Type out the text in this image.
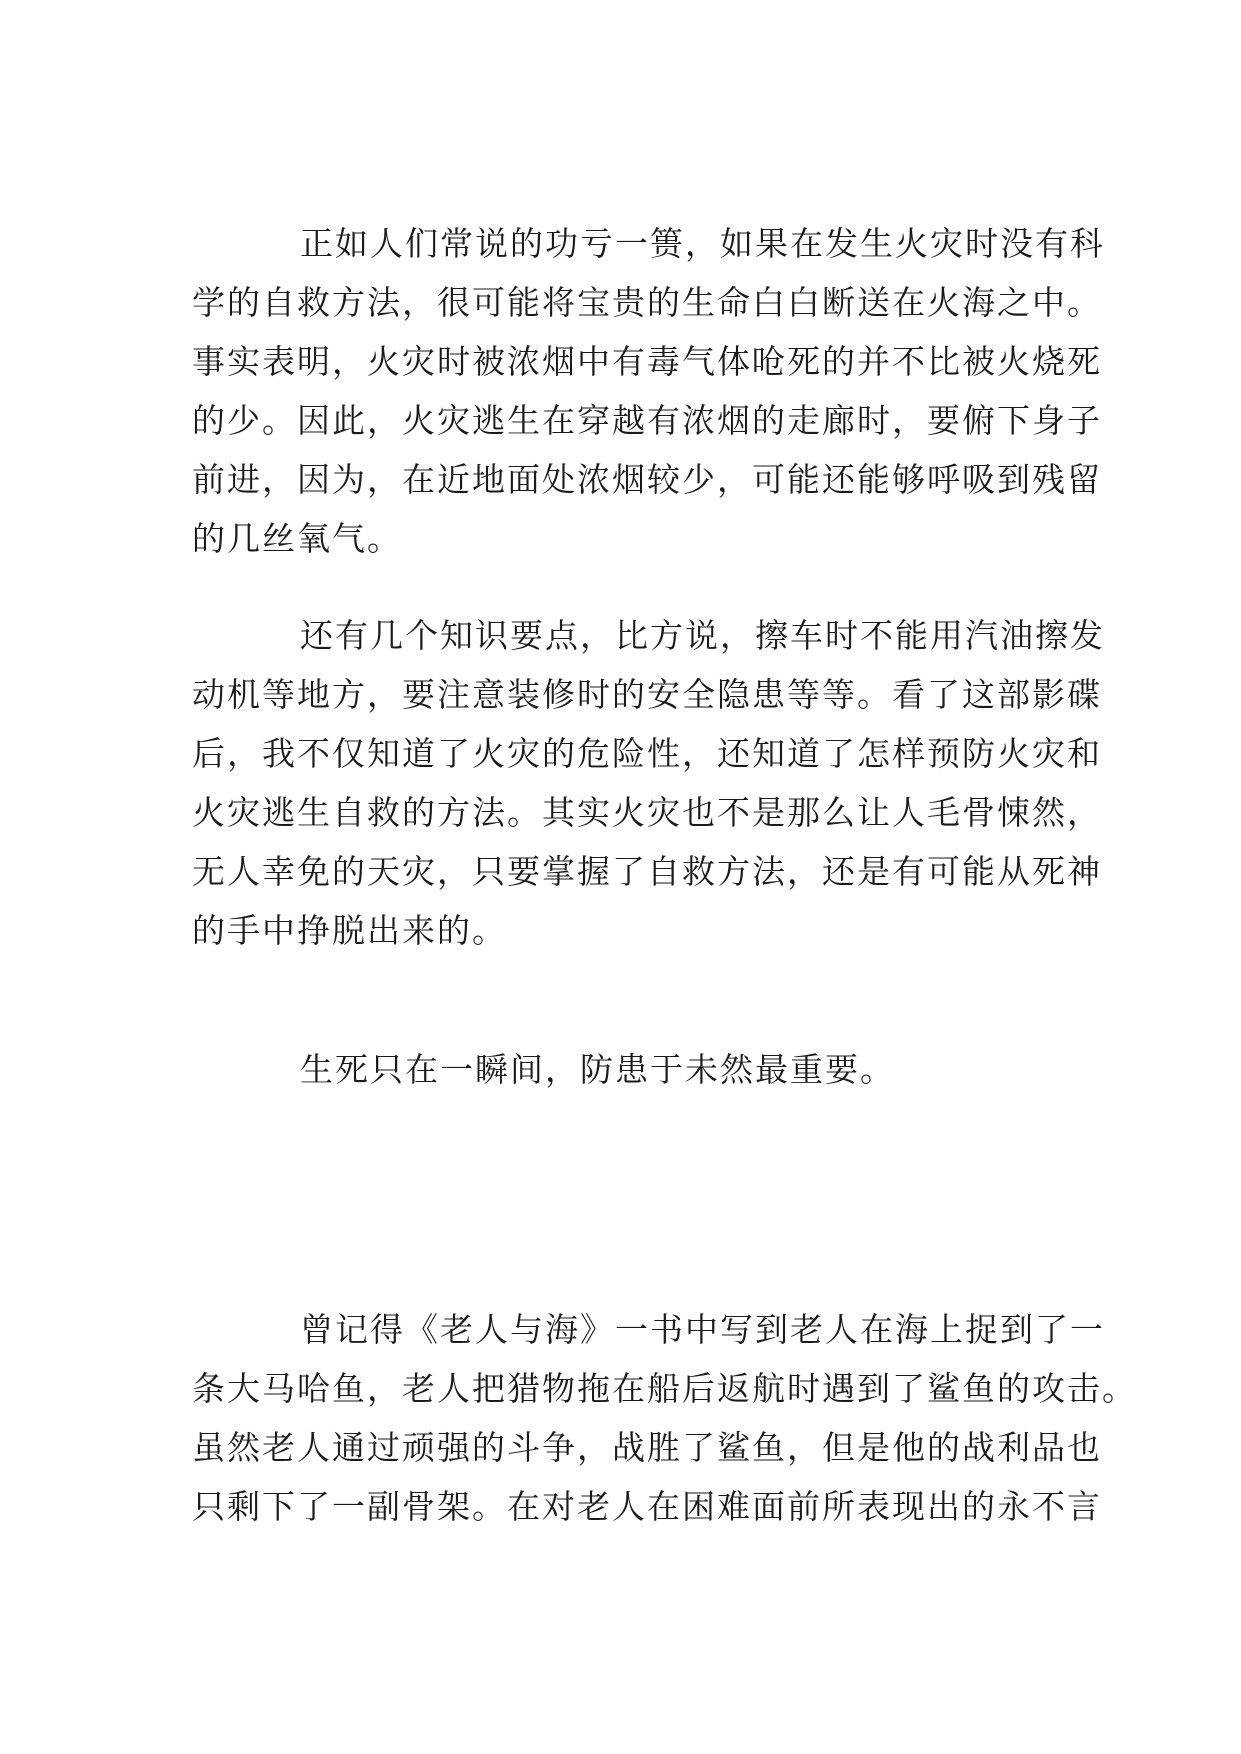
正如人们常说的功亏一篑，如果在发生火灾时没有科
学的自救方法，很可能将宝贵的生命白白断送在火海之中。
事实表明，火灾时被浓烟中有毒气体呛死的并不比被火烧死
的少。因此，火灾逃生在穿越有浓烟的走廊时，要俯下身子
前进，因为，在近地面处浓烟较少，可能还能够呼吸到残留
的几丝氧气。
还有几个知识要点，比方说，擦车时不能用汽油擦发
动机等地方，要注意装修时的安全隐患等等。看了这部影碟
后，我不仅知道了火灾的危险性，还知道了怎样预防火灾和
火灾逃生自救的方法。其实火灾也不是那么让人毛骨悚然，
无人幸免的天灾，只要掌握了自救方法，还是有可能从死神
的手中挣脱出来的。
生死只在一瞬间，防患于未然最重要。
曾记得《老人与海》一书中写到老人在海上捉到了一
条大马哈鱼，老人把猎物拖在船后返航时遇到了鲨鱼的攻击。
虽然老人通过顽强的斗争，战胜了鲨鱼，但是他的战利品也
只剩下了一副骨架。在对老人在困难面前所表现出的永不言
